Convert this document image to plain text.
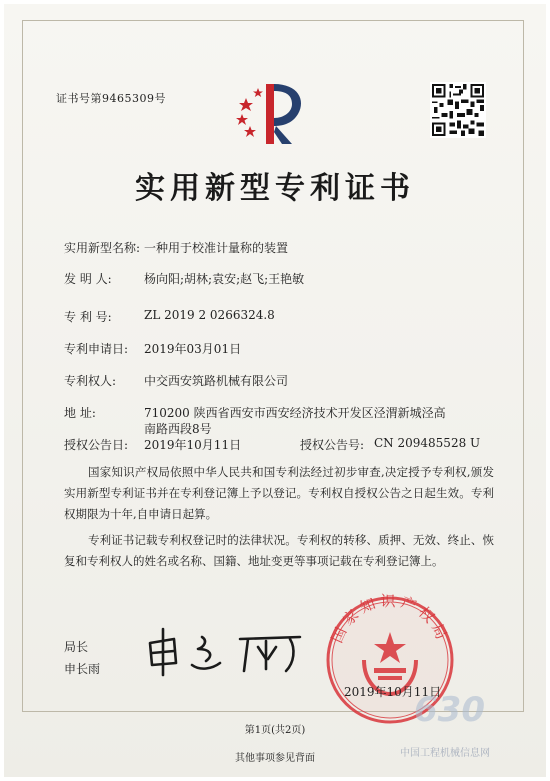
证书号第9465309号
实用新型专利证书
实用新型名称: 一种用于校准计量称的装置
发 明 人:	杨向阳;胡林;袁安;赵飞;王艳敏
专 利 号:	ZL 2019 2 0266324.8
专利申请日: 2019年03月01日
专利权人: 中交西安筑路机械有限公司
地 址:	710200 陕西省西安市西安经济技术开发区泾渭新城泾高
南路西段8号
授权公告日: 2019年10月11日	授权公告号: CN 209485528 U
国家知识产权局依照中华人民共和国专利法经过初步审查,决定授予专利权,颁发实用新型专利证书并在专利登记簿上予以登记。专利权自授权公告之日起生效。专利权期限为十年,自申请日起算。
专利证书记载专利权登记时的法律状况。专利权的转移、质押、无效、终止、恢复和专利权人的姓名或名称、国籍、地址变更等事项记载在专利登记簿上。
局长
申长雨
国家知识产权局
2019年10月11日
630
第1页(共2页)
中国工程机械信息网
其他事项参见背面
